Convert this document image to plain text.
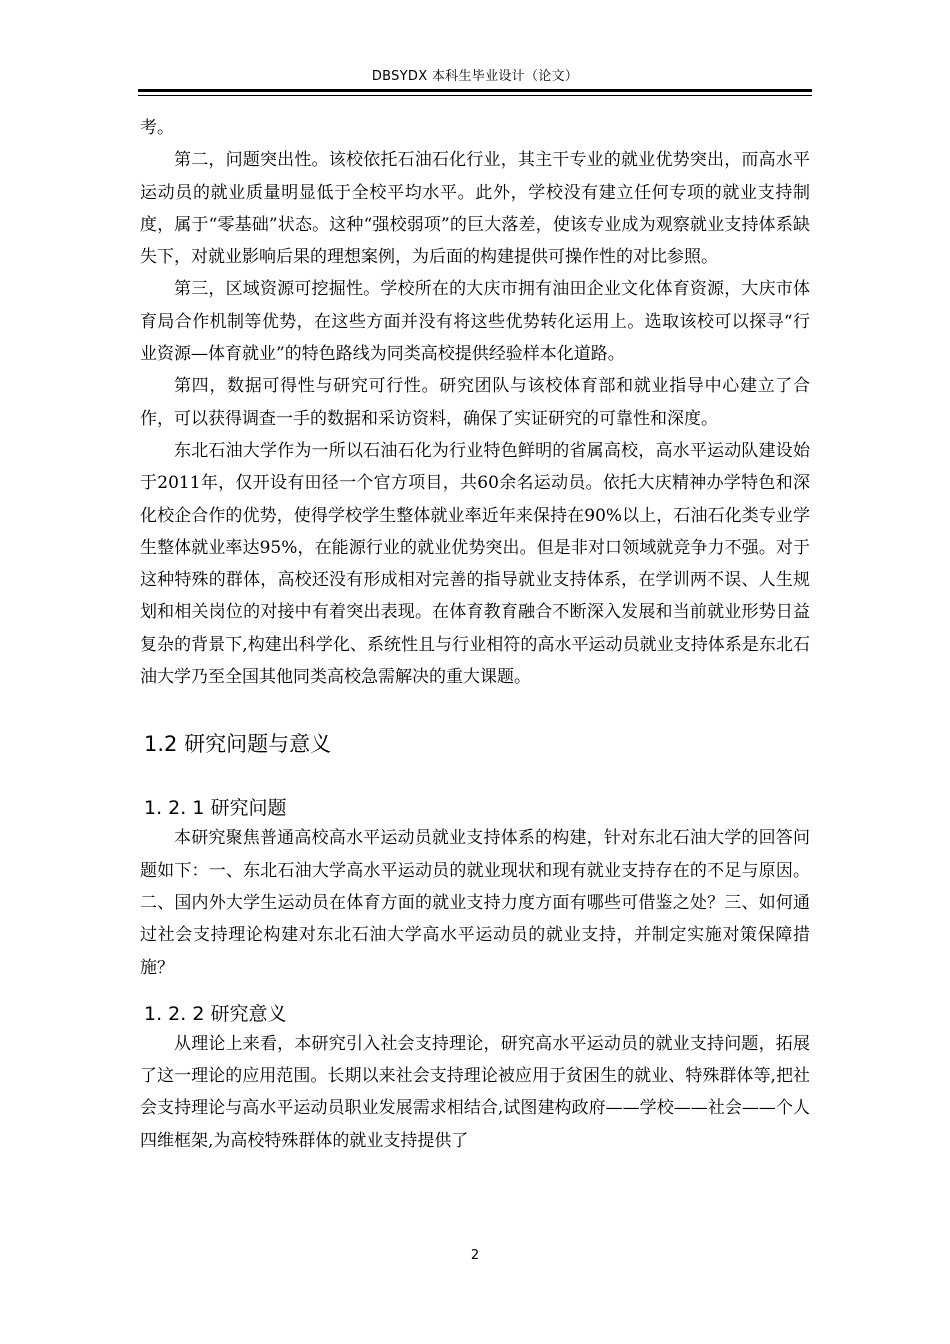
DBSYDX 本科生毕业设计（论文）

考。

第二，问题突出性。该校依托石油石化行业，其主干专业的就业优势突出，而高水平运动员的就业质量明显低于全校平均水平。此外，学校没有建立任何专项的就业支持制度，属于“零基础”状态。这种“强校弱项”的巨大落差，使该专业成为观察就业支持体系缺失下，对就业影响后果的理想案例，为后面的构建提供可操作性的对比参照。

第三，区域资源可挖掘性。学校所在的大庆市拥有油田企业文化体育资源，大庆市体育局合作机制等优势，在这些方面并没有将这些优势转化运用上。选取该校可以探寻“行业资源—体育就业”的特色路线为同类高校提供经验样本化道路。

第四，数据可得性与研究可行性。研究团队与该校体育部和就业指导中心建立了合作，可以获得调查一手的数据和采访资料，确保了实证研究的可靠性和深度。

东北石油大学作为一所以石油石化为行业特色鲜明的省属高校，高水平运动队建设始于2011年，仅开设有田径一个官方项目，共60余名运动员。依托大庆精神办学特色和深化校企合作的优势，使得学校学生整体就业率近年来保持在90%以上，石油石化类专业学生整体就业率达95%，在能源行业的就业优势突出。但是非对口领域就竞争力不强。对于这种特殊的群体，高校还没有形成相对完善的指导就业支持体系，在学训两不误、人生规划和相关岗位的对接中有着突出表现。在体育教育融合不断深入发展和当前就业形势日益复杂的背景下,构建出科学化、系统性且与行业相符的高水平运动员就业支持体系是东北石油大学乃至全国其他同类高校急需解决的重大课题。

1.2 研究问题与意义
1. 2. 1 研究问题

本研究聚焦普通高校高水平运动员就业支持体系的构建，针对东北石油大学的回答问题如下：一、东北石油大学高水平运动员的就业现状和现有就业支持存在的不足与原因。二、国内外大学生运动员在体育方面的就业支持力度方面有哪些可借鉴之处？三、如何通过社会支持理论构建对东北石油大学高水平运动员的就业支持，并制定实施对策保障措施？

1. 2. 2 研究意义

从理论上来看，本研究引入社会支持理论，研究高水平运动员的就业支持问题，拓展了这一理论的应用范围。长期以来社会支持理论被应用于贫困生的就业、特殊群体等,把社会支持理论与高水平运动员职业发展需求相结合,试图建构政府——学校——社会——个人四维框架,为高校特殊群体的就业支持提供了

2
